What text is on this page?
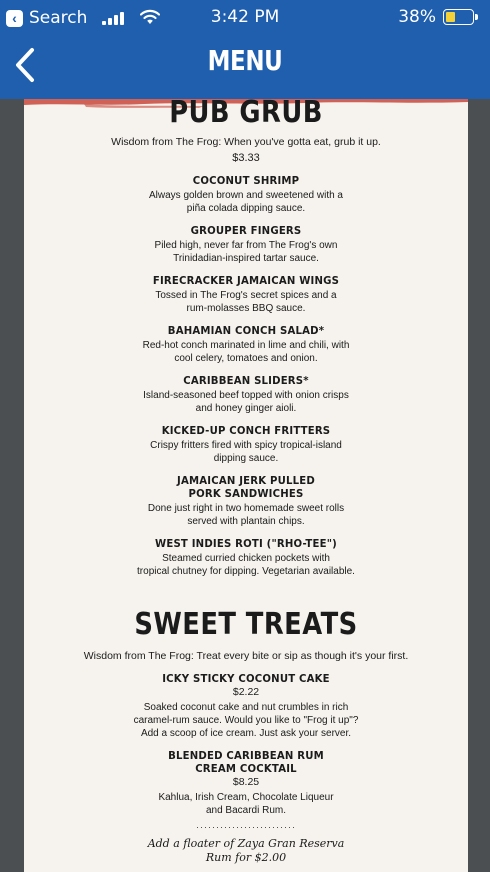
‹ Search	3:42 PM	38%
MENU
PUB GRUB
Wisdom from The Frog: When you've gotta eat, grub it up.
$3.33
COCONUT SHRIMP
Always golden brown and sweetened with a
piña colada dipping sauce.
GROUPER FINGERS
Piled high, never far from The Frog's own
Trinidadian-inspired tartar sauce.
FIRECRACKER JAMAICAN WINGS
Tossed in The Frog's secret spices and a
rum-molasses BBQ sauce.
BAHAMIAN CONCH SALAD*
Red-hot conch marinated in lime and chili, with
cool celery, tomatoes and onion.
CARIBBEAN SLIDERS*
Island-seasoned beef topped with onion crisps
and honey ginger aioli.
KICKED-UP CONCH FRITTERS
Crispy fritters fired with spicy tropical-island
dipping sauce.
JAMAICAN JERK PULLED
PORK SANDWICHES
Done just right in two homemade sweet rolls
served with plantain chips.
WEST INDIES ROTI ("RHO-TEE")
Steamed curried chicken pockets with
tropical chutney for dipping. Vegetarian available.
SWEET TREATS
Wisdom from The Frog: Treat every bite or sip as though it's your first.
ICKY STICKY COCONUT CAKE
$2.22
Soaked coconut cake and nut crumbles in rich
caramel-rum sauce. Would you like to "Frog it up"?
Add a scoop of ice cream. Just ask your server.
BLENDED CARIBBEAN RUM
CREAM COCKTAIL
$8.25
Kahlua, Irish Cream, Chocolate Liqueur
and Bacardi Rum.
·························
Add a floater of Zaya Gran Reserva
Rum for $2.00
